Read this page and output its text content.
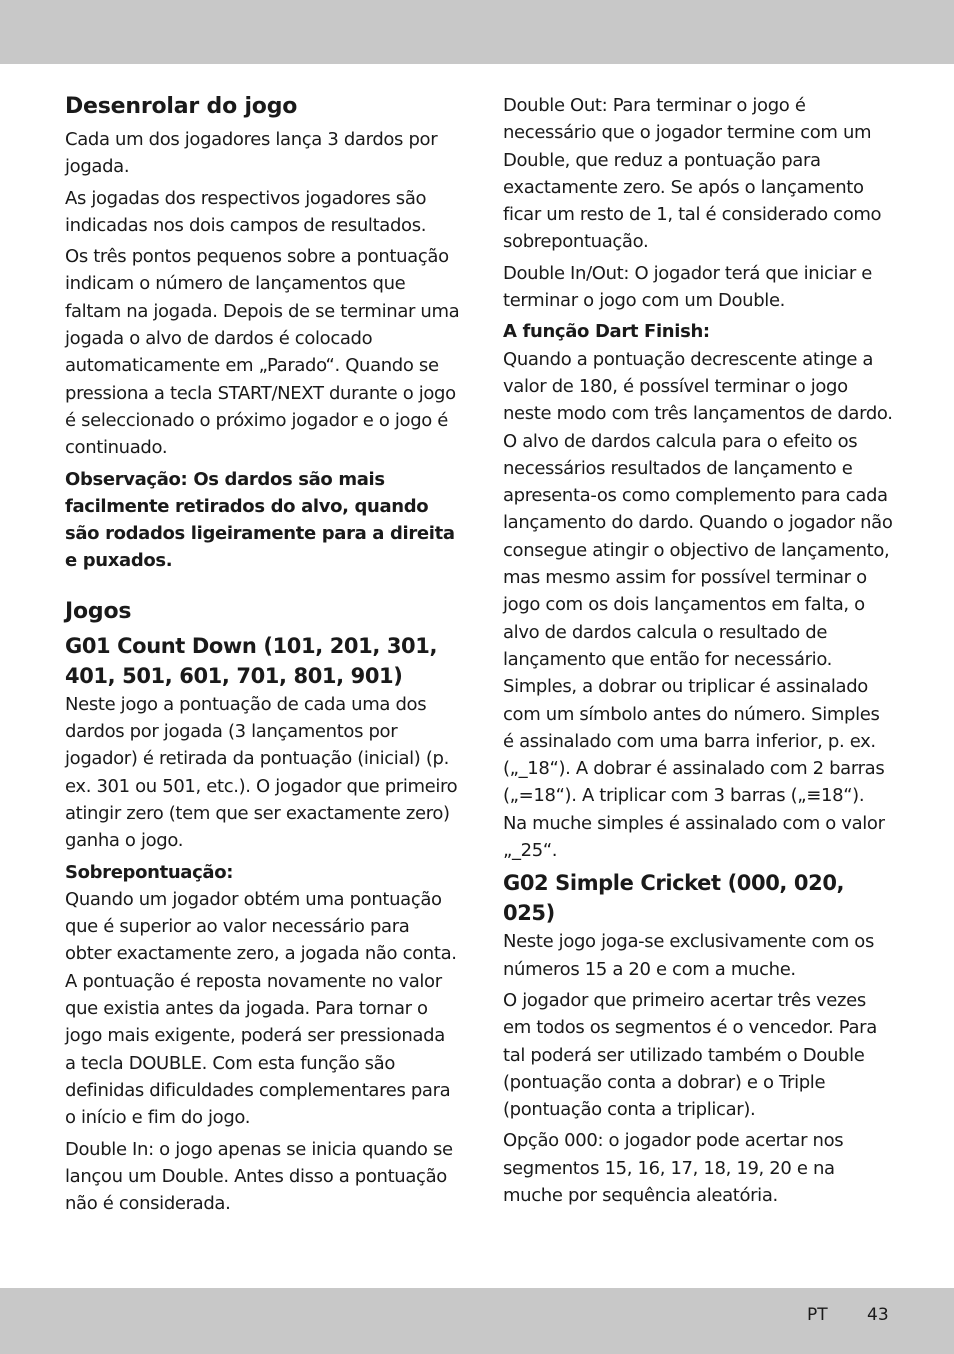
Desenrolar do jogo

Cada um dos jogadores lança 3 dardos por jogada.

As jogadas dos respectivos jogadores são indicadas nos dois campos de resultados.

Os três pontos pequenos sobre a pontuação indicam o número de lançamentos que faltam na jogada. Depois de se terminar uma jogada o alvo de dardos é colocado automaticamente em „Parado“. Quando se pressiona a tecla START/NEXT durante o jogo é seleccionado o próximo jogador e o jogo é continuado.

Observação: Os dardos são mais facilmente retirados do alvo, quando são rodados ligeiramente para a direita e puxados.

Jogos
G01 Count Down (101, 201, 301, 401, 501, 601, 701, 801, 901)

Neste jogo a pontuação de cada uma dos dardos por jogada (3 lançamentos por jogador) é retirada da pontuação (inicial) (p. ex. 301 ou 501, etc.). O jogador que primeiro atingir zero (tem que ser exactamente zero) ganha o jogo.

Sobrepontuação:

Quando um jogador obtém uma pontuação que é superior ao valor necessário para obter exactamente zero, a jogada não conta. A pontuação é reposta novamente no valor que existia antes da jogada. Para tornar o jogo mais exigente, poderá ser pressionada a tecla DOUBLE. Com esta função são definidas dificuldades complementares para o início e fim do jogo.

Double In: o jogo apenas se inicia quando se lançou um Double. Antes disso a pontuação não é considerada.

Double Out: Para terminar o jogo é necessário que o jogador termine com um Double, que reduz a pontuação para exactamente zero. Se após o lançamento ficar um resto de 1, tal é considerado como sobrepontuação.

Double In/Out: O jogador terá que iniciar e terminar o jogo com um Double.

A função Dart Finish:

Quando a pontuação decrescente atinge a valor de 180, é possível terminar o jogo neste modo com três lançamentos de dardo. O alvo de dardos calcula para o efeito os necessários resultados de lançamento e apresenta-os como complemento para cada lançamento do dardo. Quando o jogador não consegue atingir o objectivo de lançamento, mas mesmo assim for possível terminar o jogo com os dois lançamentos em falta, o alvo de dardos calcula o resultado de lançamento que então for necessário. Simples, a dobrar ou triplicar é assinalado com um símbolo antes do número. Simples é assinalado com uma barra inferior, p. ex. („_18“). A dobrar é assinalado com 2 barras („=18“). A triplicar com 3 barras („≡18“).

Na muche simples é assinalado com o valor „_25“.

G02 Simple Cricket (000, 020, 025)

Neste jogo joga-se exclusivamente com os números 15 a 20 e com a muche.

O jogador que primeiro acertar três vezes em todos os segmentos é o vencedor. Para tal poderá ser utilizado também o Double (pontuação conta a dobrar) e o Triple (pontuação conta a triplicar).

Opção 000: o jogador pode acertar nos segmentos 15, 16, 17, 18, 19, 20 e na muche por sequência aleatória.

PT 43
